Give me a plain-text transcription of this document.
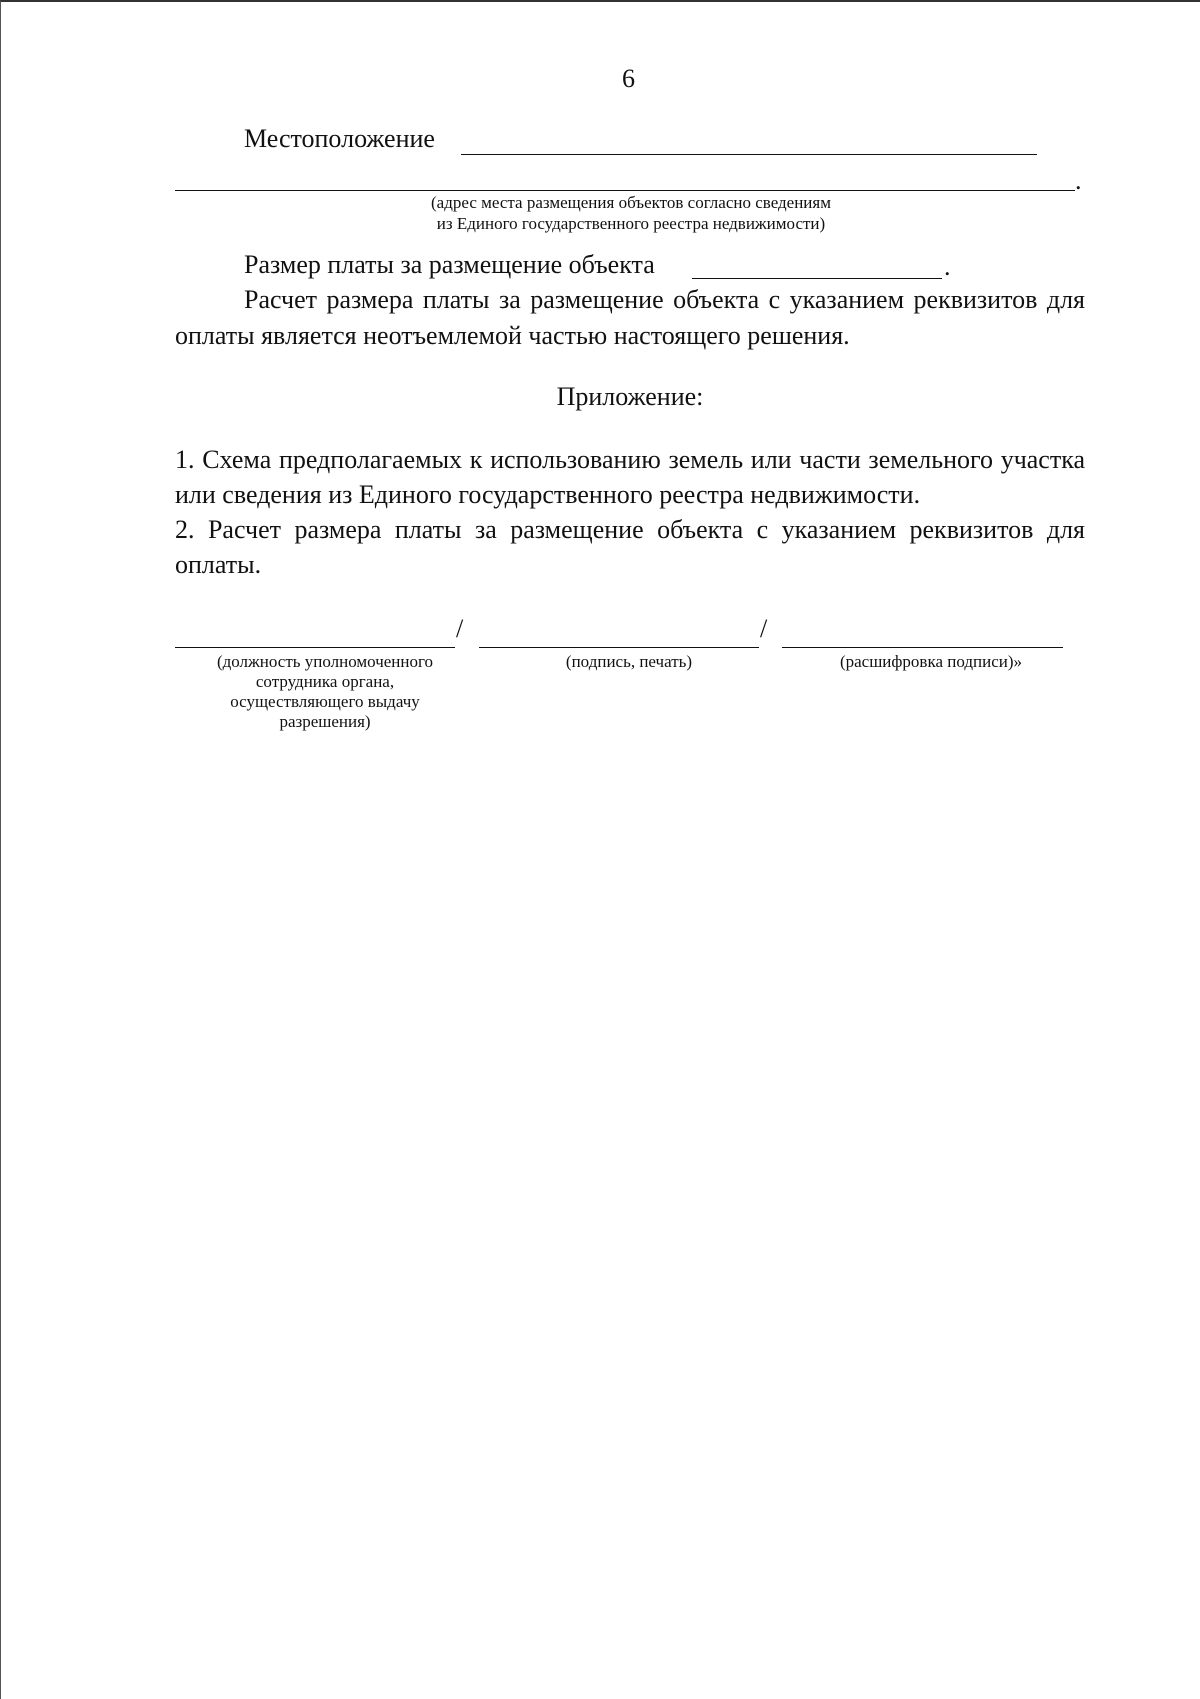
6
Местоположение
.
(адрес места размещения объектов согласно сведениям
из Единого государственного реестра недвижимости)
Размер платы за размещение объекта	.
Расчет размера платы за размещение объекта с указанием реквизитов для оплаты является неотъемлемой частью настоящего решения.
Приложение:
1. Схема предполагаемых к использованию земель или части земельного участка или сведения из Единого государственного реестра недвижимости.
2. Расчет размера платы за размещение объекта с указанием реквизитов для оплаты.
/	/
(должность уполномоченного
сотрудника органа,
осуществляющего выдачу
разрешения)
(подпись, печать)	(расшифровка подписи)»
